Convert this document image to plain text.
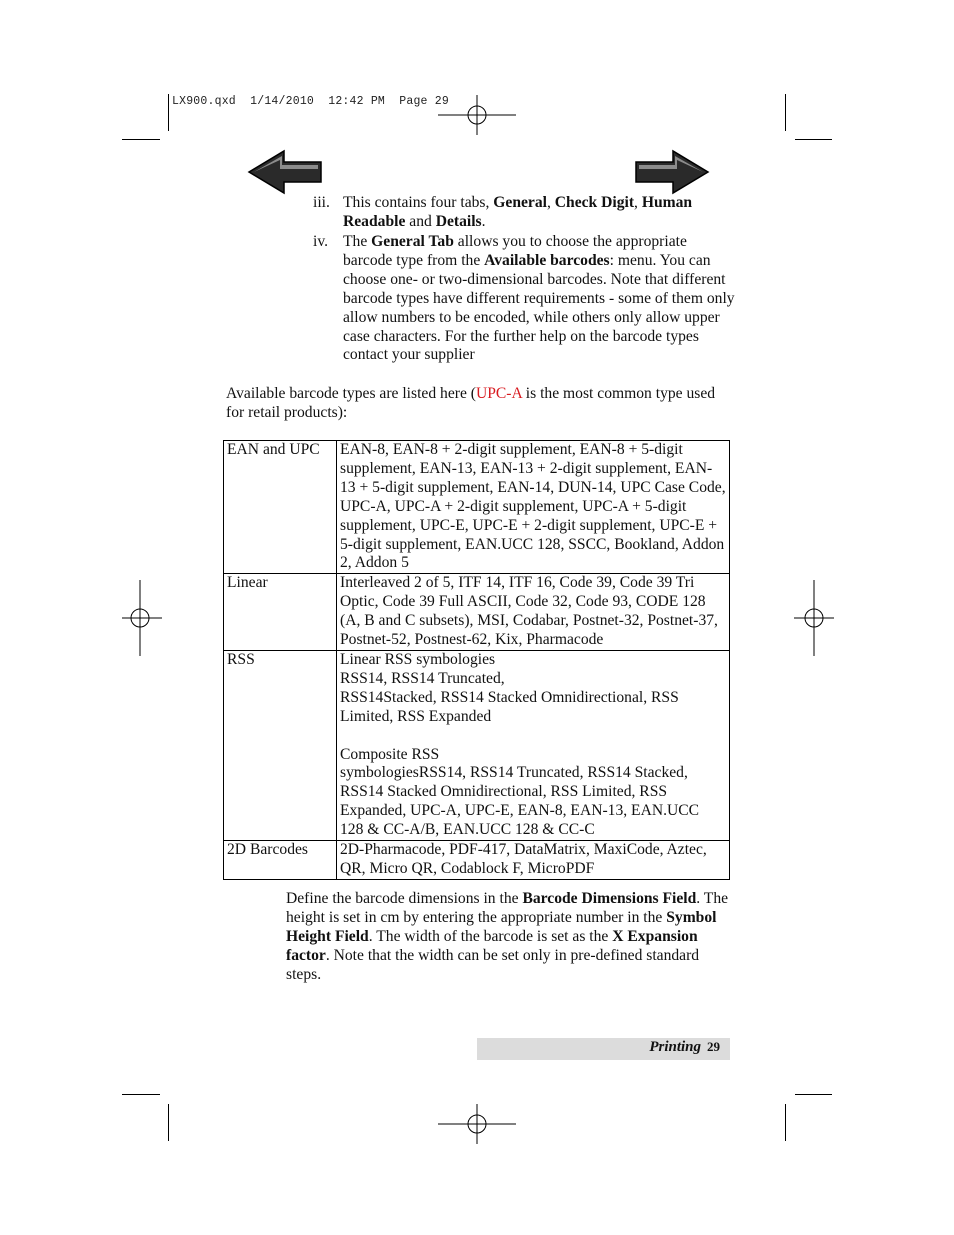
LX900.qxd  1/14/2010  12:42 PM  Page 29
iii. This contains four tabs, General, Check Digit, Human Readable and Details.
iv. The General Tab allows you to choose the appropriate barcode type from the Available barcodes: menu. You can choose one- or two-dimensional barcodes. Note that different barcode types have different requirements - some of them only allow numbers to be encoded, while others only allow upper case characters. For the further help on the barcode types contact your supplier
Available barcode types are listed here (UPC-A is the most common type used for retail products):
EAN and UPC	EAN-8, EAN-8 + 2-digit supplement, EAN-8 + 5-digit supplement, EAN-13, EAN-13 + 2-digit supplement, EAN-13 + 5-digit supplement, EAN-14, DUN-14, UPC Case Code, UPC-A, UPC-A + 2-digit supplement, UPC-A + 5-digit supplement, UPC-E, UPC-E + 2-digit supplement, UPC-E + 5-digit supplement, EAN.UCC 128, SSCC, Bookland, Addon 2, Addon 5

Linear	Interleaved 2 of 5, ITF 14, ITF 16, Code 39, Code 39 Tri Optic, Code 39 Full ASCII, Code 32, Code 93, CODE 128 (A, B and C subsets), MSI, Codabar, Postnet-32, Postnet-37, Postnet-52, Postnest-62, Kix, Pharmacode

RSS	Linear RSS symbologies
RSS14, RSS14 Truncated,
RSS14Stacked, RSS14 Stacked Omnidirectional, RSS Limited, RSS Expanded

Composite RSS
symbologiesRSS14, RSS14 Truncated, RSS14 Stacked, RSS14 Stacked Omnidirectional, RSS Limited, RSS Expanded, UPC-A, UPC-E, EAN-8, EAN-13, EAN.UCC 128 & CC-A/B, EAN.UCC 128 & CC-C

2D Barcodes	2D-Pharmacode, PDF-417, DataMatrix, MaxiCode, Aztec, QR, Micro QR, Codablock F, MicroPDF
Define the barcode dimensions in the Barcode Dimensions Field. The height is set in cm by entering the appropriate number in the Symbol Height Field. The width of the barcode is set as the X Expansion factor. Note that the width can be set only in pre-defined standard steps.
Printing 29
